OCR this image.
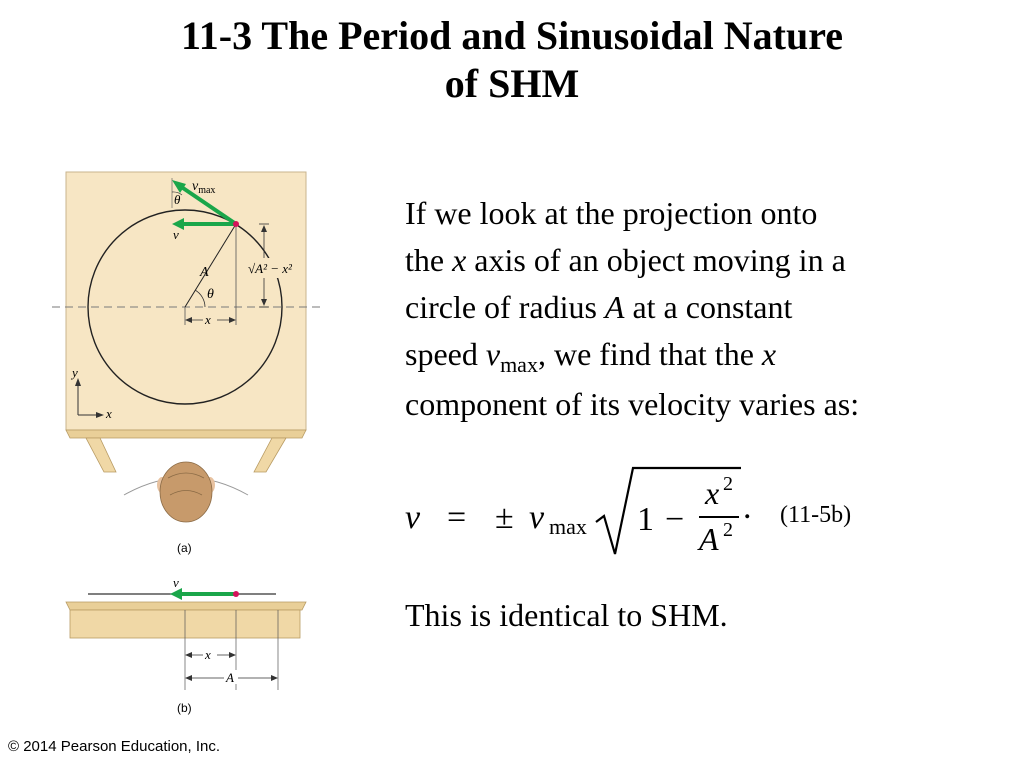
11-3 The Period and Sinusoidal Nature
of SHM
x
θ
A	√A² − x²
θ
$v_{max}$
v
y
x
(a)
v
x
A
(b)

If we look at the projection onto

the x axis of an object moving in a

circle of radius A at a constant

speed $v_{max}$, we find that the x

component of its velocity varies as:

v = ± v max 1 −
x 2
A 2
. (11-5b)
This is identical to SHM.
© 2014 Pearson Education, Inc.
